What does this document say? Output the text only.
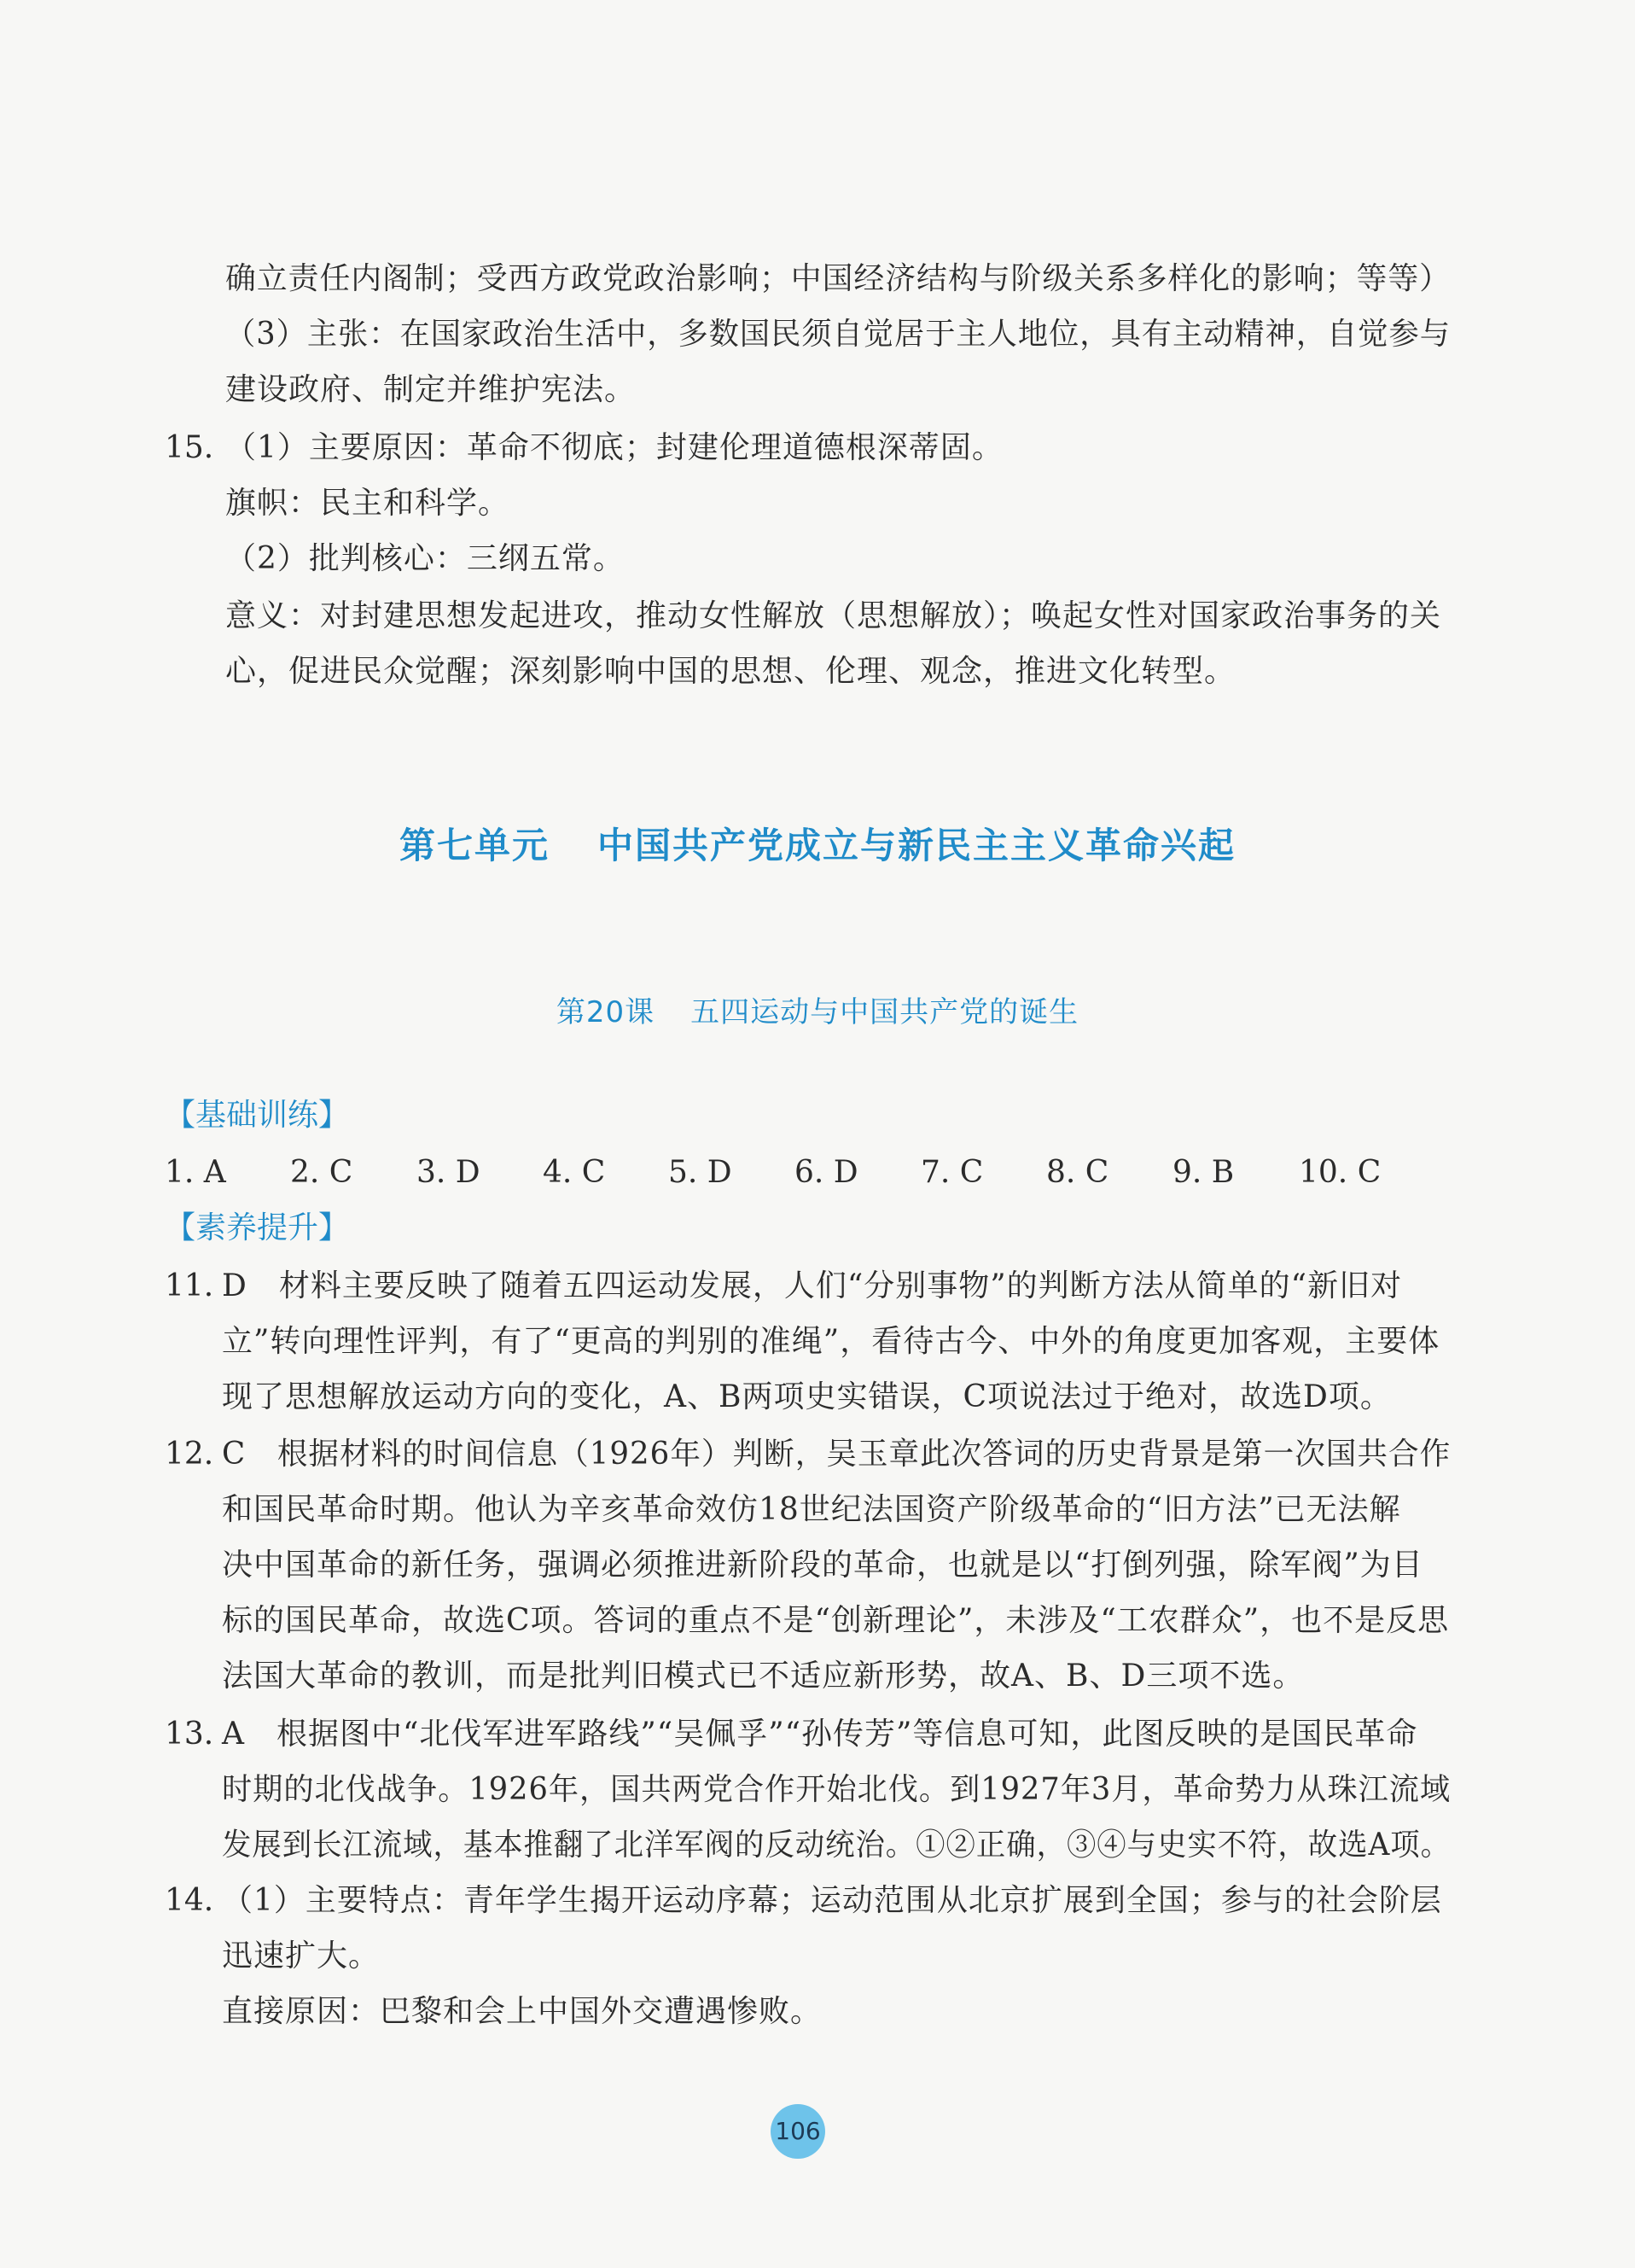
确立责任内阁制；受西方政党政治影响；中国经济结构与阶级关系多样化的影响；等等）
（3）主张：在国家政治生活中，多数国民须自觉居于主人地位，具有主动精神，自觉参与
建设政府、制定并维护宪法。
15. （1）主要原因：革命不彻底；封建伦理道德根深蒂固。
旗帜：民主和科学。
（2）批判核心：三纲五常。
意义：对封建思想发起进攻，推动女性解放（思想解放）；唤起女性对国家政治事务的关
心，促进民众觉醒；深刻影响中国的思想、伦理、观念，推进文化转型。
第七单元 中国共产党成立与新民主主义革命兴起
第20课 五四运动与中国共产党的诞生
【基础训练】
1. A 2. C 3. D 4. C 5. D 6. D 7. C 8. C 9. B 10. C
【素养提升】
11. D　材料主要反映了随着五四运动发展，人们“分别事物”的判断方法从简单的“新旧对
立”转向理性评判，有了“更高的判别的准绳”，看待古今、中外的角度更加客观，主要体
现了思想解放运动方向的变化，A、B两项史实错误，C项说法过于绝对，故选D项。
12. C　根据材料的时间信息（1926年）判断，吴玉章此次答词的历史背景是第一次国共合作
和国民革命时期。他认为辛亥革命效仿18世纪法国资产阶级革命的“旧方法”已无法解
决中国革命的新任务，强调必须推进新阶段的革命，也就是以“打倒列强，除军阀”为目
标的国民革命，故选C项。答词的重点不是“创新理论”，未涉及“工农群众”，也不是反思
法国大革命的教训，而是批判旧模式已不适应新形势，故A、B、D三项不选。
13. A　根据图中“北伐军进军路线”“吴佩孚”“孙传芳”等信息可知，此图反映的是国民革命
时期的北伐战争。1926年，国共两党合作开始北伐。到1927年3月，革命势力从珠江流域
发展到长江流域，基本推翻了北洋军阀的反动统治。①②正确，③④与史实不符，故选A项。
14. （1）主要特点：青年学生揭开运动序幕；运动范围从北京扩展到全国；参与的社会阶层
迅速扩大。
直接原因：巴黎和会上中国外交遭遇惨败。
106
